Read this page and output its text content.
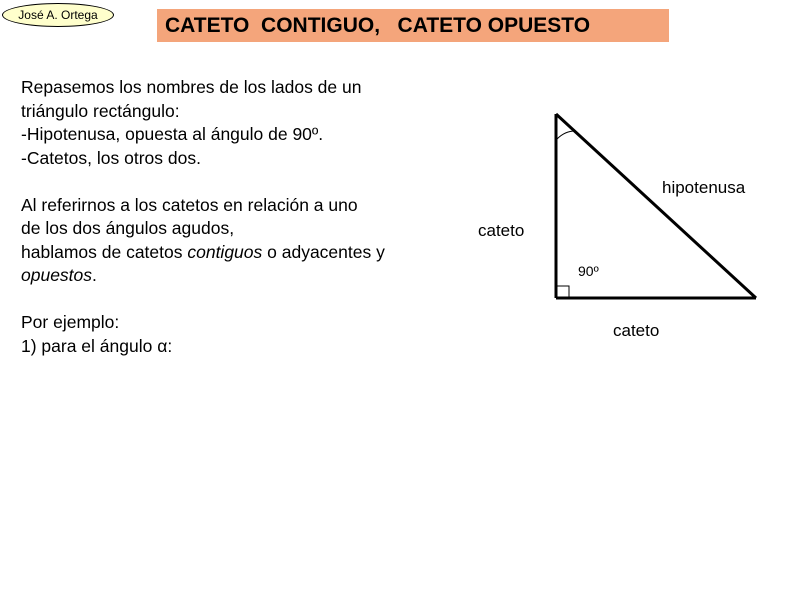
José A. Ortega	CATETO  CONTIGUO,   CATETO OPUESTO

Repasemos los nombres de los lados de un

triángulo rectángulo:

-Hipotenusa, opuesta al ángulo de 90º.

-Catetos, los otros dos.

Al referirnos a los catetos en relación a uno

de los dos ángulos agudos,

hablamos de catetos contiguos o adyacentes y

opuestos.

Por ejemplo:

1) para el ángulo α:

hipotenusa
cateto
cateto
90º
